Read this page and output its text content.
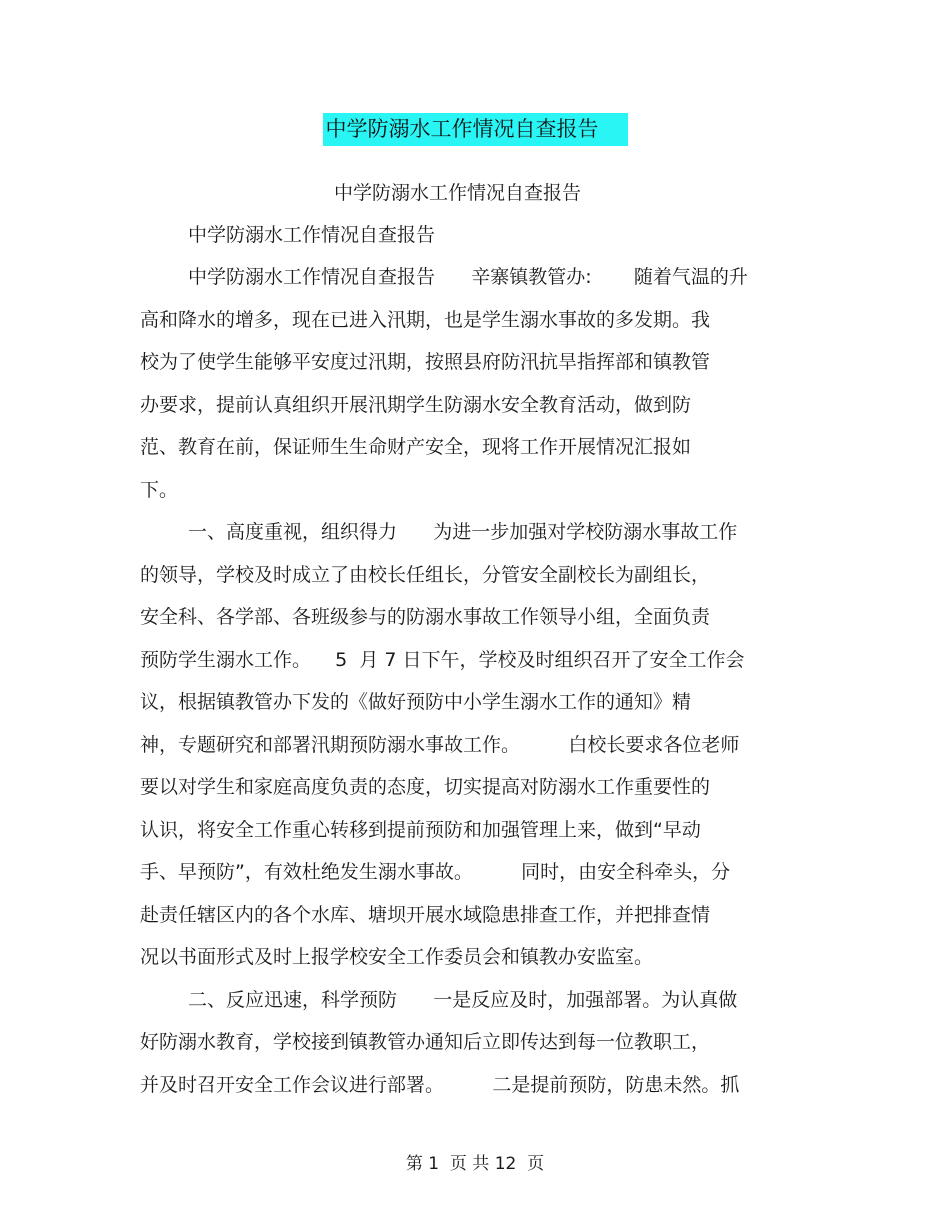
中学防溺水工作情况自查报告
中学防溺水工作情况自查报告
中学防溺水工作情况自查报告
中学防溺水工作情况自查报告      辛寨镇教管办:       随着气温的升
高和降水的增多，现在已进入汛期，也是学生溺水事故的多发期。我
校为了使学生能够平安度过汛期，按照县府防汛抗旱指挥部和镇教管
办要求，提前认真组织开展汛期学生防溺水安全教育活动，做到防
范、教育在前，保证师生生命财产安全，现将工作开展情况汇报如
下。
一、高度重视，组织得力      为进一步加强对学校防溺水事故工作
的领导，学校及时成立了由校长任组长，分管安全副校长为副组长，
安全科、各学部、各班级参与的防溺水事故工作领导小组，全面负责
预防学生溺水工作。    5  月 7 日下午，学校及时组织召开了安全工作会
议，根据镇教管办下发的《做好预防中小学生溺水工作的通知》精
神，专题研究和部署汛期预防溺水事故工作。        白校长要求各位老师
要以对学生和家庭高度负责的态度，切实提高对防溺水工作重要性的
认识，将安全工作重心转移到提前预防和加强管理上来，做到“早动
手、早预防”，有效杜绝发生溺水事故。        同时，由安全科牵头，分
赴责任辖区内的各个水库、塘坝开展水域隐患排查工作，并把排查情
况以书面形式及时上报学校安全工作委员会和镇教办安监室。
二、反应迅速，科学预防      一是反应及时，加强部署。为认真做
好防溺水教育，学校接到镇教管办通知后立即传达到每一位教职工，
并及时召开安全工作会议进行部署。        二是提前预防，防患未然。抓
第 1  页 共 12  页
